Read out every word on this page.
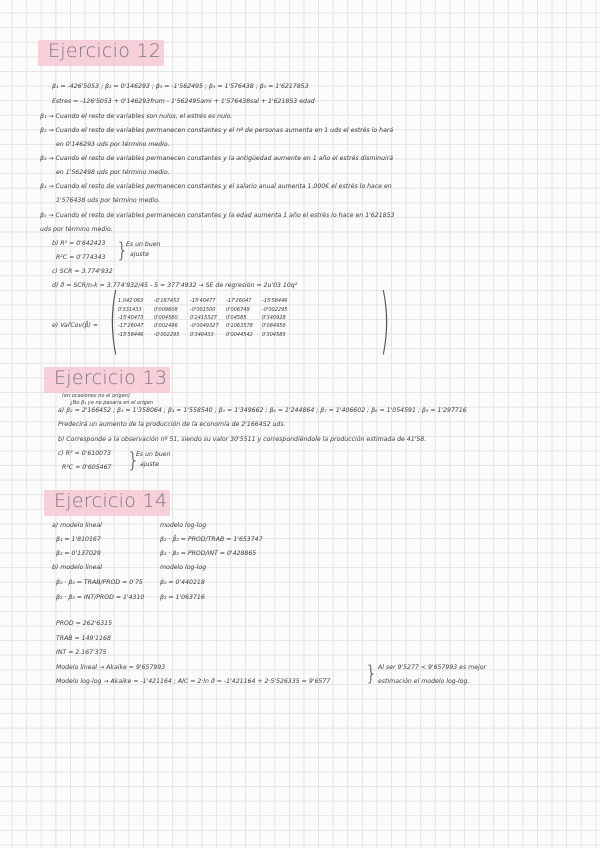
Ejercicio 12
β₁ = -426'5053 ; β₂ = 0'146293 ; β₃ = -1'562495 ; β₄ = 1'576438 ; β₅ = 1'6217853
Estres = -126'5053 + 0'146293frum - 1'562495ami + 1'576438sal + 1'621853 edad
β₁ → Cuando el resto de variables son nulos, el estrés es nulo.
β₂ → Cuando el resto de variables permanecen constantes y el nº de personas aumenta en 1 uds el estrés lo hará
en 0'146293 uds por término medio.
β₃ → Cuando el resto de variables permanecen constantes y la antigüedad aumente en 1 año el estrés disminuirá
en 1'562498 uds por término medio.
β₄ → Cuando el resto de variables permanecen constantes y el salario anual aumenta 1.000€ el estrés lo hace en
1'576438 uds por término medio.
β₅ → Cuando el resto de variables permanecen constantes y la edad aumenta 1 año el estrés lo hace en 1'621853
uds por término medio.
b) R² = 0'642423
R²C = 0'774343 }
Es un buen
ajuste
c) SCR = 3.774'932
d) σ̂ = SCR/n-k = 3.774'932/45 - 5 = 377'4932 → SE de regresión = 2u'03 10q²
e) Var̂Cov(β̂) = (	)
1.042'063	-0'187453	-15'40477	-17'26047	-15'58446
0'331433	0'009608	-0'001500	0'006749	-0'002295
-15'40473	0'004580	0'2415327	0'04585	0'340928
-17'26047	0'002496	-0'0049327	0'1063578	0'084958
-15'58446	-0'002295	0'340433	0'0044542	0'304585
Ejercicio 13
(en ocasiones no el origen)
¿No β₁ ya no pasaría en el origen
a) β₂ = 2'166452 ; β₃ = 1'358064 ; β₄ = 1'558540 ; β₅ = 1'349662 ; β₆ = 1'244864 ; β₇ = 1'406602 ; β₈ = 1'054591 ; β₉ = 1'297716
Predecirá un aumento de la producción de la economía de 2'166452 uds.
b) Corresponde a la observación nº 51, siendo su valor 30'5511 y correspondiéndole la producción estimada de 41'58.
c) R² = 0'610073
R²C = 0'605467 }
Es un buen
ajuste
Ejercicio 14
a) modelo lineal	modelo log-log
β₁ = 1'810167	β₂ · β̂₂ = PROD/TRAB = 1'653747
β₂ = 0'137029	β₃ · β₃ = PROD/INT = 0'428865
b) modelo lineal	modelo log-log
β₂ · β₂ = TRAB/PROD = 0'75	β₂ = 0'440218
β₃ · β₃ = INT/PROD = 1'4310	β₃ = 1'063716
PROD = 262'6315
TRAB = 149'1168
INT = 2.167'375
Modelo lineal → Akaike = 9'657993
Modelo log-log → Akaike = -1'421164 ; AIC = 2·ln σ̂ = -1'421164 + 2·5'526335 = 9'6577 } Al ser 9'5277 < 9'657993 es mejor
estimación el modelo log-log.
